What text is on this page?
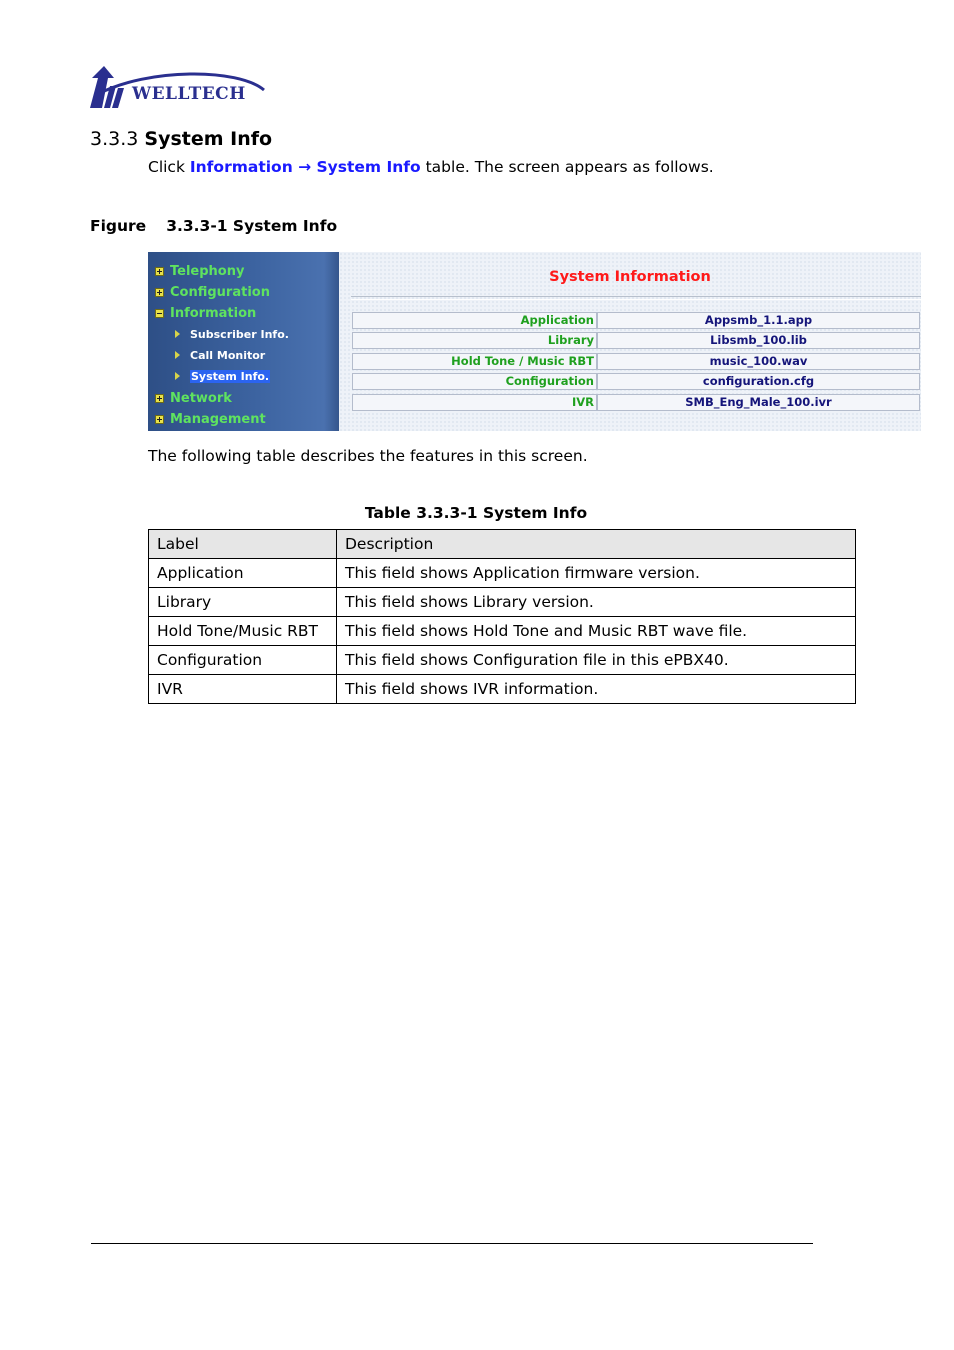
WELLTECH
3.3.3 System Info
Click Information → System Info table. The screen appears as follows.
Figure 3.3.3-1 System Info
Telephony
Configuration
Information
Subscriber Info.
Call Monitor
System Info.
Network
Management
System Information
Application	Appsmb_1.1.app
Library	Libsmb_100.lib
Hold Tone / Music RBT	music_100.wav
Configuration	configuration.cfg
IVR	SMB_Eng_Male_100.ivr
The following table describes the features in this screen.
Table 3.3.3-1 System Info
Label	Description
Application	This field shows Application firmware version.
Library	This field shows Library version.
Hold Tone/Music RBT	This field shows Hold Tone and Music RBT wave file.
Configuration	This field shows Configuration file in this ePBX40.
IVR	This field shows IVR information.
